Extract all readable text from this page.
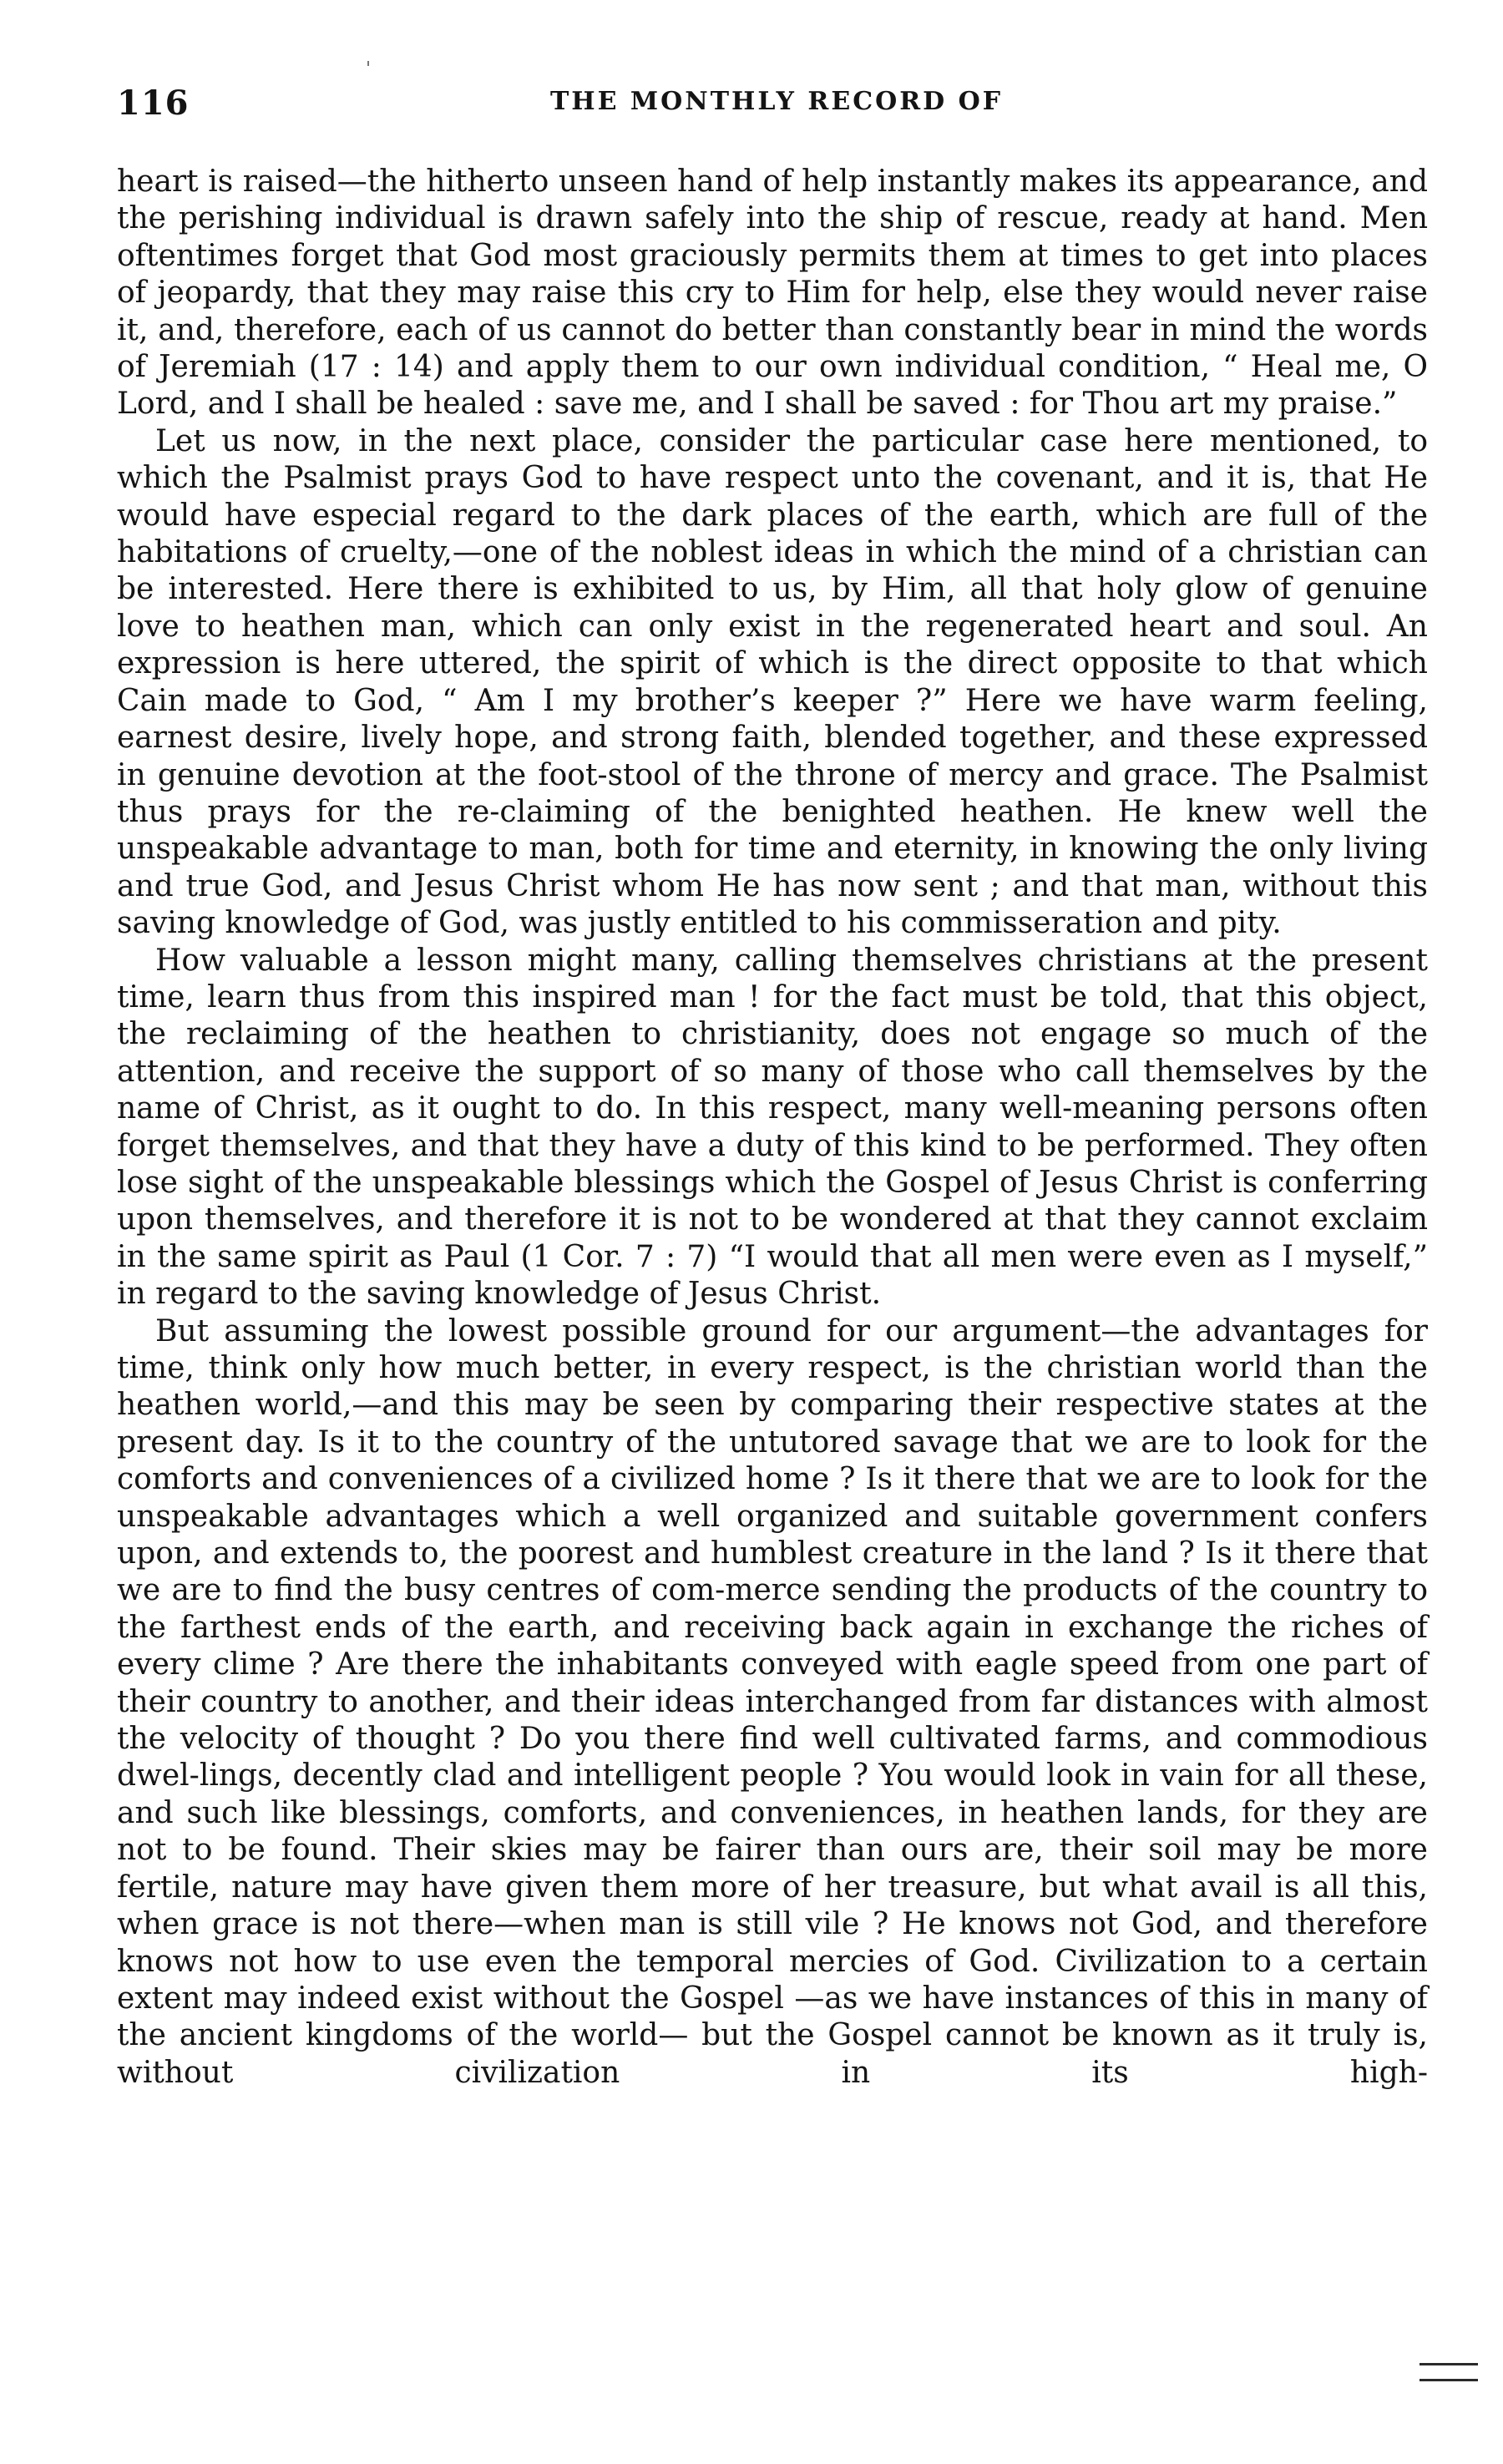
116	THE MONTHLY RECORD OF

heart is raised—the hitherto unseen hand of help instantly makes its appearance, and the perishing individual is drawn safely into the ship of rescue, ready at hand. Men oftentimes forget that God most graciously permits them at times to get into places of jeopardy, that they may raise this cry to Him for help, else they would never raise it, and, therefore, each of us cannot do better than constantly bear in mind the words of Jeremiah (17 : 14) and apply them to our own individual condition, “ Heal me, O Lord, and I shall be healed : save me, and I shall be saved : for Thou art my praise.”

Let us now, in the next place, consider the particular case here mentioned, to which the Psalmist prays God to have respect unto the covenant, and it is, that He would have especial regard to the dark places of the earth, which are full of the habitations of cruelty,—one of the noblest ideas in which the mind of a christian can be interested. Here there is exhibited to us, by Him, all that holy glow of genuine love to heathen man, which can only exist in the regenerated heart and soul. An expression is here uttered, the spirit of which is the direct opposite to that which Cain made to God, “ Am I my brother’s keeper ?” Here we have warm feeling, earnest desire, lively hope, and strong faith, blended together, and these expressed in genuine devotion at the foot-stool of the throne of mercy and grace. The Psalmist thus prays for the re-claiming of the benighted heathen. He knew well the unspeakable advantage to man, both for time and eternity, in knowing the only living and true God, and Jesus Christ whom He has now sent ; and that man, without this saving knowledge of God, was justly entitled to his commisseration and pity.

How valuable a lesson might many, calling themselves christians at the present time, learn thus from this inspired man ! for the fact must be told, that this object, the reclaiming of the heathen to christianity, does not engage so much of the attention, and receive the support of so many of those who call themselves by the name of Christ, as it ought to do. In this respect, many well-meaning persons often forget themselves, and that they have a duty of this kind to be performed. They often lose sight of the unspeakable blessings which the Gospel of Jesus Christ is conferring upon themselves, and therefore it is not to be wondered at that they cannot exclaim in the same spirit as Paul (1 Cor. 7 : 7) “I would that all men were even as I myself,” in regard to the saving knowledge of Jesus Christ.

But assuming the lowest possible ground for our argument—the advantages for time, think only how much better, in every respect, is the christian world than the heathen world,—and this may be seen by comparing their respective states at the present day. Is it to the country of the untutored savage that we are to look for the comforts and conveniences of a civilized home ? Is it there that we are to look for the unspeakable advantages which a well organized and suitable government confers upon, and extends to, the poorest and humblest creature in the land ? Is it there that we are to find the busy centres of com-merce sending the products of the country to the farthest ends of the earth, and receiving back again in exchange the riches of every clime ? Are there the inhabitants conveyed with eagle speed from one part of their country to another, and their ideas interchanged from far distances with almost the velocity of thought ? Do you there find well cultivated farms, and commodious dwel-lings, decently clad and intelligent people ? You would look in vain for all these, and such like blessings, comforts, and conveniences, in heathen lands, for they are not to be found. Their skies may be fairer than ours are, their soil may be more fertile, nature may have given them more of her treasure, but what avail is all this, when grace is not there—when man is still vile ? He knows not God, and therefore knows not how to use even the temporal mercies of God. Civilization to a certain extent may indeed exist without the Gospel —as we have instances of this in many of the ancient kingdoms of the world— but the Gospel cannot be known as it truly is, without civilization in its high-
